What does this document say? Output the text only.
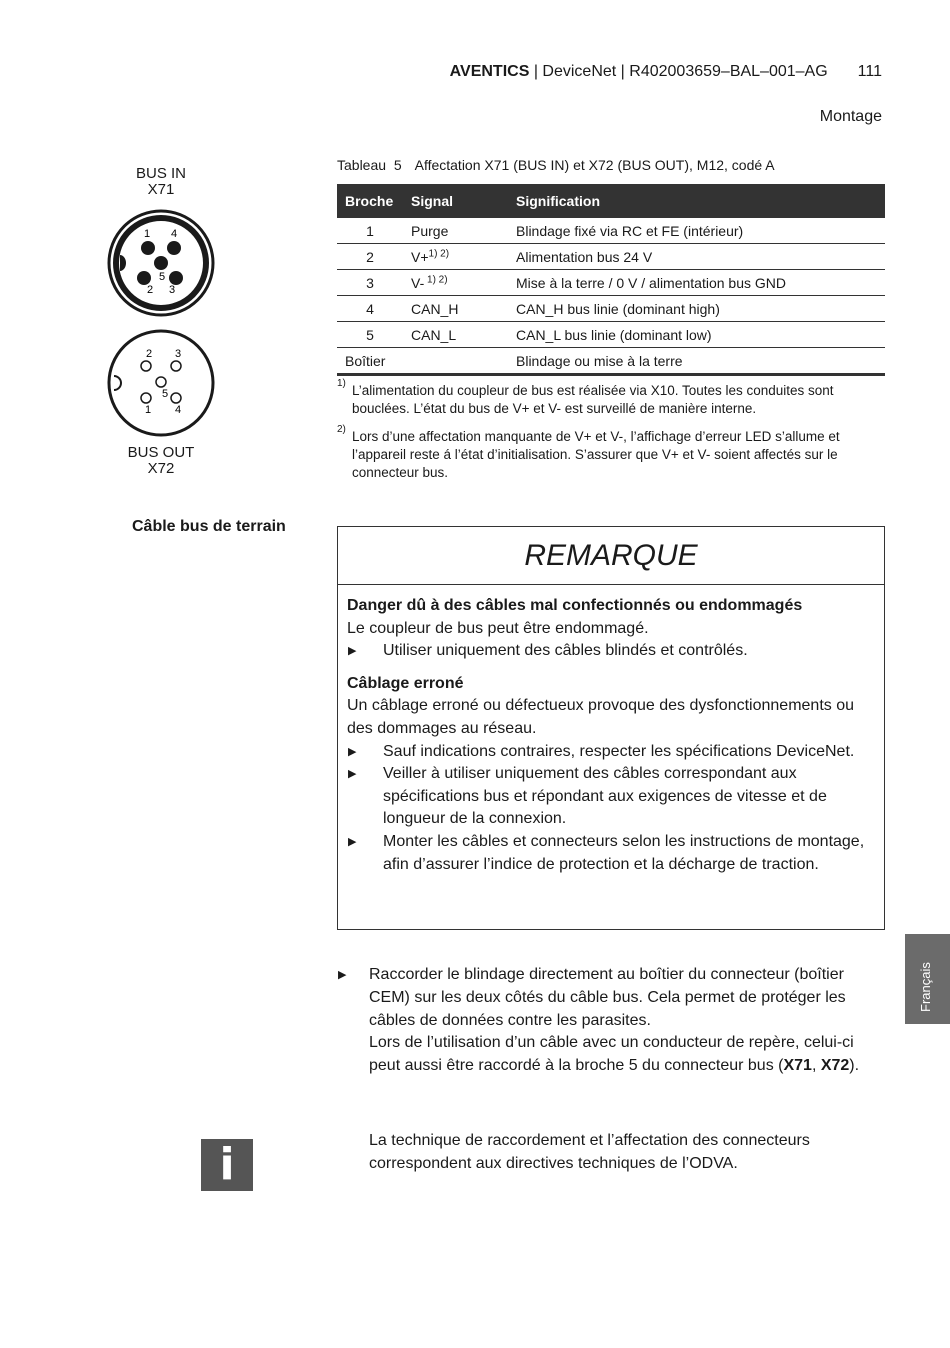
AVENTICS | DeviceNet | R402003659–BAL–001–AG 111
Montage
BUS IN
X71
1 4
5
2 3
2 3
5
1 4
BUS OUT
X72
Tableau  5 Affectation X71 (BUS IN) et X72 (BUS OUT), M12, codé A
Broche	Signal	Signification
1	Purge	Blindage fixé via RC et FE (intérieur)
2	V+$^{1) 2)}$	Alimentation bus 24 V
3	V- $^{1) 2)}$	Mise à la terre / 0 V / alimentation bus GND
4	CAN_H	CAN_H bus linie (dominant high)
5	CAN_L	CAN_L bus linie (dominant low)
Boîtier		Blindage ou mise à la terre
1) L’alimentation du coupleur de bus est réalisée via X10. Toutes les conduites sont bouclées. L’état du bus de V+ et V- est surveillé de manière interne.
2) Lors d’une affectation manquante de V+ et V-, l’affichage d’erreur LED s’allume et l’appareil reste á l’état d’initialisation. S’assurer que V+ et V- soient affectés sur le connecteur bus.
Câble bus de terrain
REMARQUE
Danger dû à des câbles mal confectionnés ou endommagés
Le coupleur de bus peut être endommagé.
▶ Utiliser uniquement des câbles blindés et contrôlés.
Câblage erroné
Un câblage erroné ou défectueux provoque des dysfonctionnements ou des dommages au réseau.
▶ Sauf indications contraires, respecter les spécifications DeviceNet.
▶ Veiller à utiliser uniquement des câbles correspondant aux spécifications bus et répondant aux exigences de vitesse et de longueur de la connexion.
▶ Monter les câbles et connecteurs selon les instructions de montage, afin d’assurer l’indice de protection et la décharge de traction.
▶ Raccorder le blindage directement au boîtier du connecteur (boîtier CEM) sur les deux côtés du câble bus. Cela permet de protéger les câbles de données contre les parasites.
Lors de l’utilisation d’un câble avec un conducteur de repère, celui-ci peut aussi être raccordé à la broche 5 du connecteur bus (X71, X72).
i	La technique de raccordement et l’affectation des connecteurs correspondent aux directives techniques de l’ODVA.
Français
